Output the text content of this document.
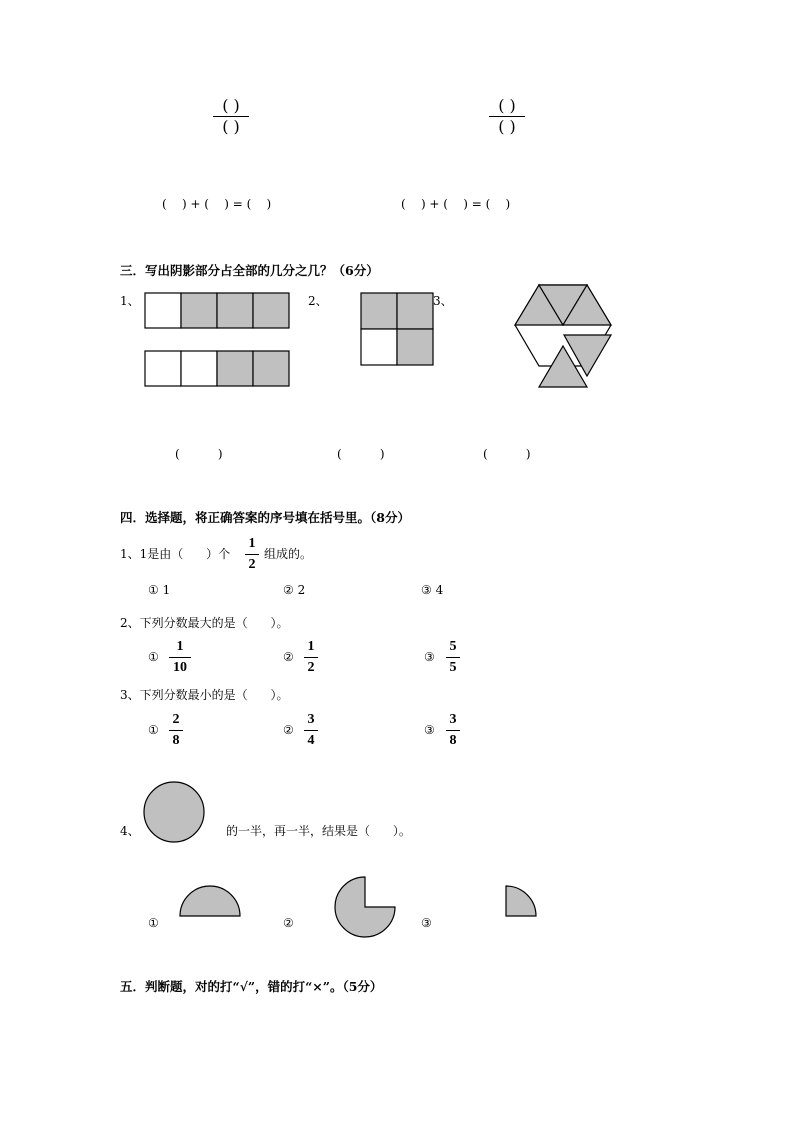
( )
( )
( )
( )
(    ) + (    ) = (    )	(    ) + (    ) = (    )
三．写出阴影部分占全部的几分之几？（6分）
1、	2、	3、
(          )	(          )	(          )
四．选择题，将正确答案的序号填在括号里。（8分）
1、1是由（      ）个
1
2
组成的。
① 1	② 2	③ 4
2、下列分数最大的是（      ）。
①
1
10
②
1
2
③
5
5
3、下列分数最小的是（      ）。
①
2
8
②
3
4
③
3
8
4、	的一半，再一半，结果是（      ）。
①	②	③
五．判断题，对的打“√”，错的打“×”。（5分）
